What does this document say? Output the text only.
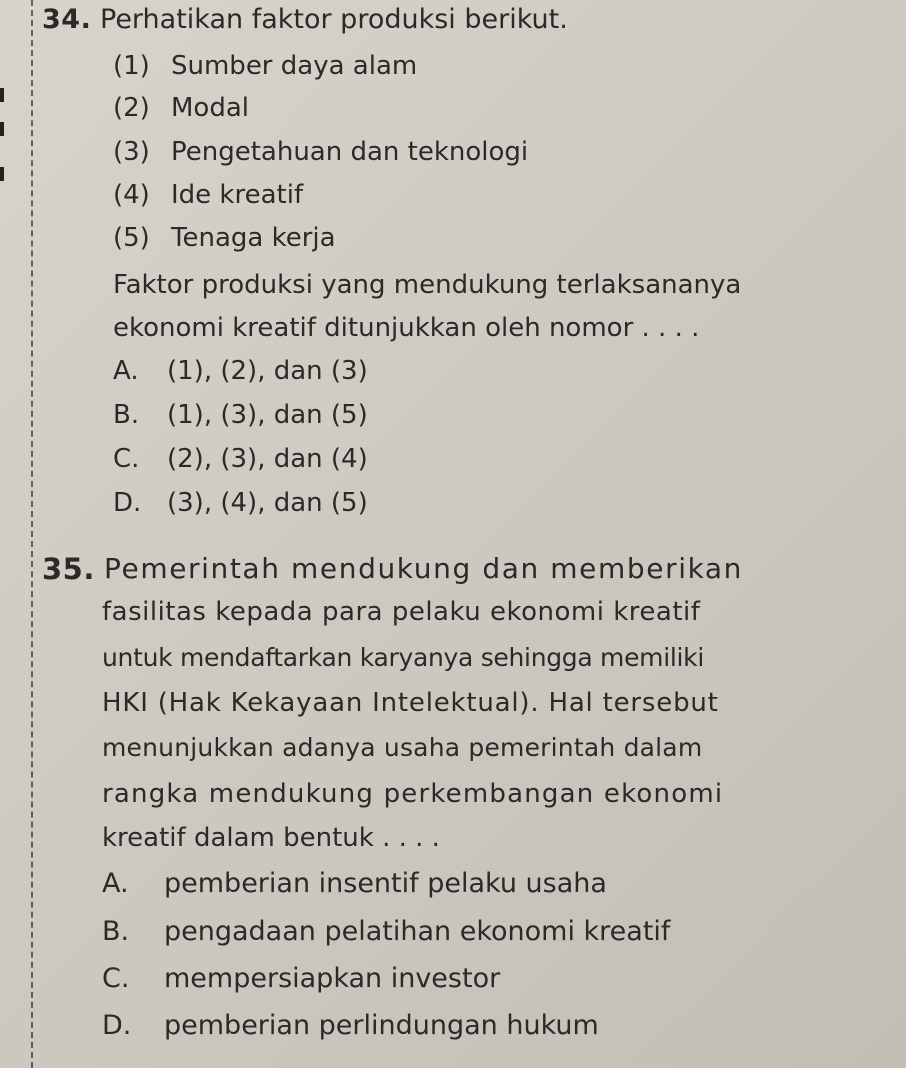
34. Perhatikan faktor produksi berikut.
(1) Sumber daya alam
(2) Modal
(3) Pengetahuan dan teknologi
(4) Ide kreatif
(5) Tenaga kerja
Faktor produksi yang mendukung terlaksananya
ekonomi kreatif ditunjukkan oleh nomor . . . .
A. (1), (2), dan (3)
B. (1), (3), dan (5)
C. (2), (3), dan (4)
D. (3), (4), dan (5)
35. Pemerintah mendukung dan memberikan
fasilitas kepada para pelaku ekonomi kreatif
untuk mendaftarkan karyanya sehingga memiliki
HKI (Hak Kekayaan Intelektual). Hal tersebut
menunjukkan adanya usaha pemerintah dalam
rangka mendukung perkembangan ekonomi
kreatif dalam bentuk . . . .
A. pemberian insentif pelaku usaha
B. pengadaan pelatihan ekonomi kreatif
C. mempersiapkan investor
D. pemberian perlindungan hukum
